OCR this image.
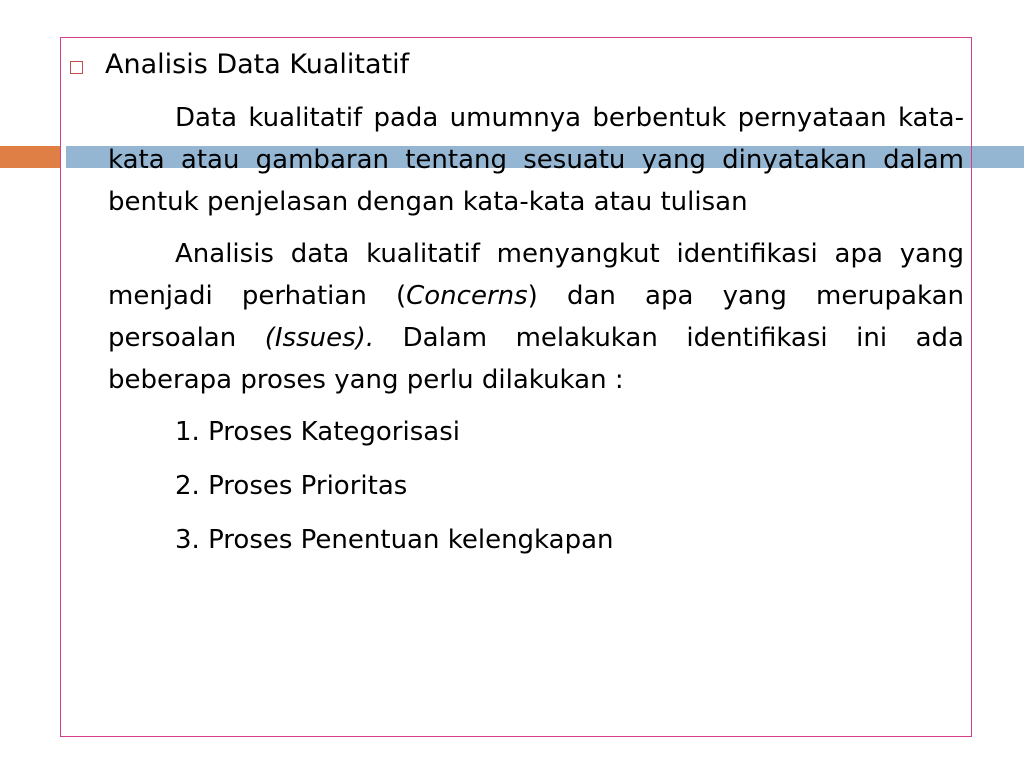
Analisis Data Kualitatif

Data kualitatif pada umumnya berbentuk pernyataan kata-kata atau gambaran tentang sesuatu yang dinyatakan dalam bentuk penjelasan dengan kata-kata atau tulisan

Analisis data kualitatif menyangkut identifikasi apa yang menjadi perhatian (Concerns) dan apa yang merupakan persoalan (Issues). Dalam melakukan identifikasi ini ada beberapa proses yang perlu dilakukan :

1. Proses Kategorisasi
2. Proses Prioritas
3. Proses Penentuan kelengkapan
